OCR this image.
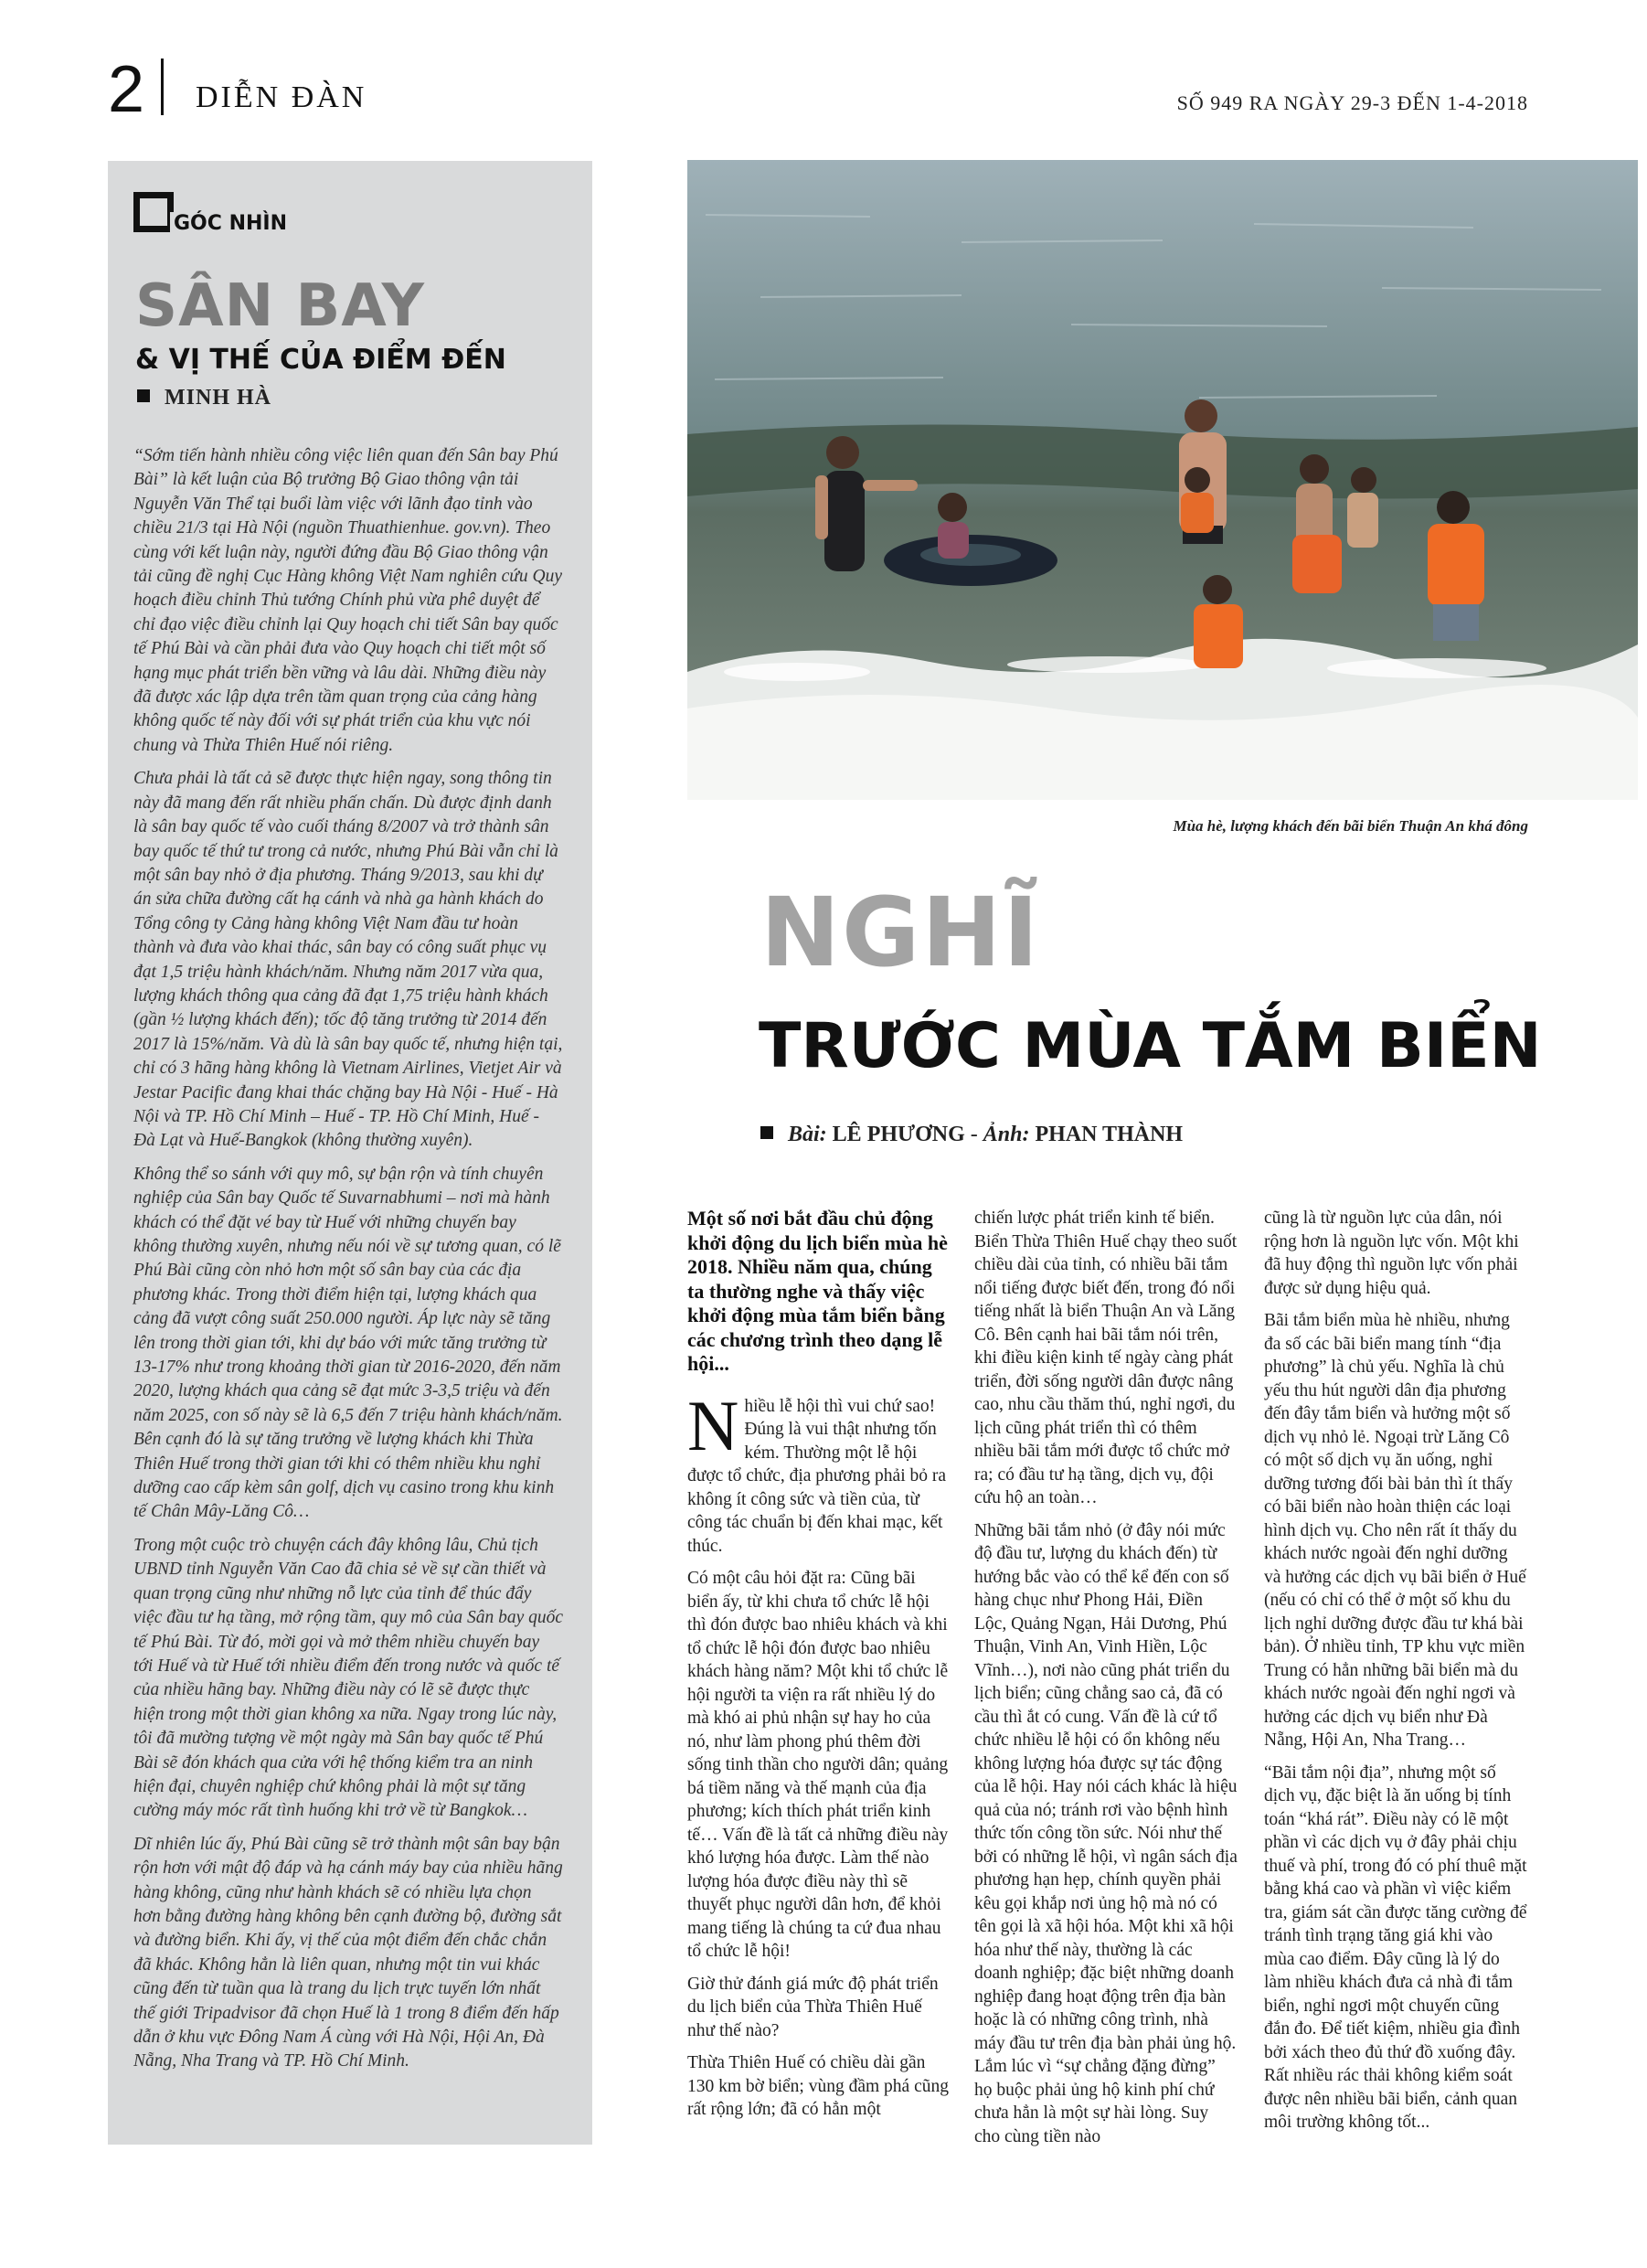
2 DIỄN ĐÀN	SỐ 949 RA NGÀY 29-3 ĐẾN 1-4-2018
GÓC NHÌN
SÂN BAY
& VỊ THẾ CỦA ĐIỂM ĐẾN
MINH HÀ

“Sớm tiến hành nhiều công việc liên quan đến Sân bay Phú Bài” là kết luận của Bộ trưởng Bộ Giao thông vận tải Nguyễn Văn Thể tại buổi làm việc với lãnh đạo tỉnh vào chiều 21/3 tại Hà Nội (nguồn Thuathienhue. gov.vn). Theo cùng với kết luận này, người đứng đầu Bộ Giao thông vận tải cũng đề nghị Cục Hàng không Việt Nam nghiên cứu Quy hoạch điều chỉnh Thủ tướng Chính phủ vừa phê duyệt để chỉ đạo việc điều chỉnh lại Quy hoạch chi tiết Sân bay quốc tế Phú Bài và cần phải đưa vào Quy hoạch chi tiết một số hạng mục phát triển bền vững và lâu dài. Những điều này đã được xác lập dựa trên tầm quan trọng của cảng hàng không quốc tế này đối với sự phát triển của khu vực nói chung và Thừa Thiên Huế nói riêng.

Chưa phải là tất cả sẽ được thực hiện ngay, song thông tin này đã mang đến rất nhiều phấn chấn. Dù được định danh là sân bay quốc tế vào cuối tháng 8/2007 và trở thành sân bay quốc tế thứ tư trong cả nước, nhưng Phú Bài vẫn chỉ là một sân bay nhỏ ở địa phương. Tháng 9/2013, sau khi dự án sửa chữa đường cất hạ cánh và nhà ga hành khách do Tổng công ty Cảng hàng không Việt Nam đầu tư hoàn thành và đưa vào khai thác, sân bay có công suất phục vụ đạt 1,5 triệu hành khách/năm. Nhưng năm 2017 vừa qua, lượng khách thông qua cảng đã đạt 1,75 triệu hành khách (gần ½ lượng khách đến); tốc độ tăng trưởng từ 2014 đến 2017 là 15%/năm. Và dù là sân bay quốc tế, nhưng hiện tại, chỉ có 3 hãng hàng không là Vietnam Airlines, Vietjet Air và Jestar Pacific đang khai thác chặng bay Hà Nội - Huế - Hà Nội và TP. Hồ Chí Minh – Huế - TP. Hồ Chí Minh, Huế - Đà Lạt và Huế-Bangkok (không thường xuyên).

Không thể so sánh với quy mô, sự bận rộn và tính chuyên nghiệp của Sân bay Quốc tế Suvarnabhumi – nơi mà hành khách có thể đặt vé bay từ Huế với những chuyến bay không thường xuyên, nhưng nếu nói về sự tương quan, có lẽ Phú Bài cũng còn nhỏ hơn một số sân bay của các địa phương khác. Trong thời điểm hiện tại, lượng khách qua cảng đã vượt công suất 250.000 người. Áp lực này sẽ tăng lên trong thời gian tới, khi dự báo với mức tăng trưởng từ 13-17% như trong khoảng thời gian từ 2016-2020, đến năm 2020, lượng khách qua cảng sẽ đạt mức 3-3,5 triệu và đến năm 2025, con số này sẽ là 6,5 đến 7 triệu hành khách/năm. Bên cạnh đó là sự tăng trưởng về lượng khách khi Thừa Thiên Huế trong thời gian tới khi có thêm nhiều khu nghỉ dưỡng cao cấp kèm sân golf, dịch vụ casino trong khu kinh tế Chân Mây-Lăng Cô…

Trong một cuộc trò chuyện cách đây không lâu, Chủ tịch UBND tỉnh Nguyễn Văn Cao đã chia sẻ về sự cần thiết và quan trọng cũng như những nỗ lực của tỉnh để thúc đẩy việc đầu tư hạ tầng, mở rộng tầm, quy mô của Sân bay quốc tế Phú Bài. Từ đó, mời gọi và mở thêm nhiều chuyến bay tới Huế và từ Huế tới nhiều điểm đến trong nước và quốc tế của nhiều hãng bay. Những điều này có lẽ sẽ được thực hiện trong một thời gian không xa nữa. Ngay trong lúc này, tôi đã mường tượng về một ngày mà Sân bay quốc tế Phú Bài sẽ đón khách qua cửa với hệ thống kiểm tra an ninh hiện đại, chuyên nghiệp chứ không phải là một sự tăng cường máy móc rất tình huống khi trở về từ Bangkok…

Dĩ nhiên lúc ấy, Phú Bài cũng sẽ trở thành một sân bay bận rộn hơn với mật độ đáp và hạ cánh máy bay của nhiều hãng hàng không, cũng như hành khách sẽ có nhiều lựa chọn hơn bằng đường hàng không bên cạnh đường bộ, đường sắt và đường biển. Khi ấy, vị thế của một điểm đến chắc chắn đã khác. Không hẳn là liên quan, nhưng một tin vui khác cũng đến từ tuần qua là trang du lịch trực tuyến lớn nhất thế giới Tripadvisor đã chọn Huế là 1 trong 8 điểm đến hấp dẫn ở khu vực Đông Nam Á cùng với Hà Nội, Hội An, Đà Nẵng, Nha Trang và TP. Hồ Chí Minh.

Mùa hè, lượng khách đến bãi biển Thuận An khá đông
NGHĨ
TRƯỚC MÙA TẮM BIỂN
Bài: LÊ PHƯƠNG - Ảnh: PHAN THÀNH

Một số nơi bắt đầu chủ động khởi động du lịch biển mùa hè 2018. Nhiều năm qua, chúng ta thường nghe và thấy việc khởi động mùa tắm biển bằng các chương trình theo dạng lễ hội...

Nhiều lễ hội thì vui chứ sao! Đúng là vui thật nhưng tốn kém. Thường một lễ hội được tổ chức, địa phương phải bỏ ra không ít công sức và tiền của, từ công tác chuẩn bị đến khai mạc, kết thúc.

Có một câu hỏi đặt ra: Cũng bãi biển ấy, từ khi chưa tổ chức lễ hội thì đón được bao nhiêu khách và khi tổ chức lễ hội đón được bao nhiêu khách hàng năm? Một khi tổ chức lễ hội người ta viện ra rất nhiều lý do mà khó ai phủ nhận sự hay ho của nó, như làm phong phú thêm đời sống tinh thần cho người dân; quảng bá tiềm năng và thế mạnh của địa phương; kích thích phát triển kinh tế… Vấn đề là tất cả những điều này khó lượng hóa được. Làm thế nào lượng hóa được điều này thì sẽ thuyết phục người dân hơn, để khỏi mang tiếng là chúng ta cứ đua nhau tổ chức lễ hội!

Giờ thử đánh giá mức độ phát triển du lịch biển của Thừa Thiên Huế như thế nào?

Thừa Thiên Huế có chiều dài gần 130 km bờ biển; vùng đầm phá cũng rất rộng lớn; đã có hẳn một

chiến lược phát triển kinh tế biển. Biển Thừa Thiên Huế chạy theo suốt chiều dài của tỉnh, có nhiều bãi tắm nổi tiếng được biết đến, trong đó nổi tiếng nhất là biển Thuận An và Lăng Cô. Bên cạnh hai bãi tắm nói trên, khi điều kiện kinh tế ngày càng phát triển, đời sống người dân được nâng cao, nhu cầu thăm thú, nghỉ ngơi, du lịch cũng phát triển thì có thêm nhiều bãi tắm mới được tổ chức mở ra; có đầu tư hạ tầng, dịch vụ, đội cứu hộ an toàn…

Những bãi tắm nhỏ (ở đây nói mức độ đầu tư, lượng du khách đến) từ hướng bắc vào có thể kể đến con số hàng chục như Phong Hải, Điền Lộc, Quảng Ngạn, Hải Dương, Phú Thuận, Vinh An, Vinh Hiền, Lộc Vĩnh…), nơi nào cũng phát triển du lịch biển; cũng chẳng sao cả, đã có cầu thì ắt có cung. Vấn đề là cứ tổ chức nhiều lễ hội có ổn không nếu không lượng hóa được sự tác động của lễ hội. Hay nói cách khác là hiệu quả của nó; tránh rơi vào bệnh hình thức tốn công tồn sức. Nói như thế bởi có những lễ hội, vì ngân sách địa phương hạn hẹp, chính quyền phải kêu gọi khắp nơi ủng hộ mà nó có tên gọi là xã hội hóa. Một khi xã hội hóa như thế này, thường là các doanh nghiệp; đặc biệt những doanh nghiệp đang hoạt động trên địa bàn hoặc là có những công trình, nhà máy đầu tư trên địa bàn phải ủng hộ. Lắm lúc vì “sự chẳng đặng đừng” họ buộc phải ủng hộ kinh phí chứ chưa hẳn là một sự hài lòng. Suy cho cùng tiền nào

cũng là từ nguồn lực của dân, nói rộng hơn là nguồn lực vốn. Một khi đã huy động thì nguồn lực vốn phải được sử dụng hiệu quả.

Bãi tắm biển mùa hè nhiều, nhưng đa số các bãi biển mang tính “địa phương” là chủ yếu. Nghĩa là chủ yếu thu hút người dân địa phương đến đây tắm biển và hưởng một số dịch vụ nhỏ lẻ. Ngoại trừ Lăng Cô có một số dịch vụ ăn uống, nghỉ dưỡng tương đối bài bản thì ít thấy có bãi biển nào hoàn thiện các loại hình dịch vụ. Cho nên rất ít thấy du khách nước ngoài đến nghỉ dưỡng và hưởng các dịch vụ bãi biển ở Huế (nếu có chỉ có thể ở một số khu du lịch nghỉ dưỡng được đầu tư khá bài bản). Ở nhiều tỉnh, TP khu vực miền Trung có hẳn những bãi biển mà du khách nước ngoài đến nghỉ ngơi và hưởng các dịch vụ biển như Đà Nẵng, Hội An, Nha Trang…

“Bãi tắm nội địa”, nhưng một số dịch vụ, đặc biệt là ăn uống bị tính toán “khá rát”. Điều này có lẽ một phần vì các dịch vụ ở đây phải chịu thuế và phí, trong đó có phí thuê mặt bằng khá cao và phần vì việc kiểm tra, giám sát cần được tăng cường để tránh tình trạng tăng giá khi vào mùa cao điểm. Đây cũng là lý do làm nhiều khách đưa cả nhà đi tắm biển, nghỉ ngơi một chuyến cũng đắn đo. Để tiết kiệm, nhiều gia đình bởi xách theo đủ thứ đồ xuống đây. Rất nhiều rác thải không kiểm soát được nên nhiều bãi biển, cảnh quan môi trường không tốt...
